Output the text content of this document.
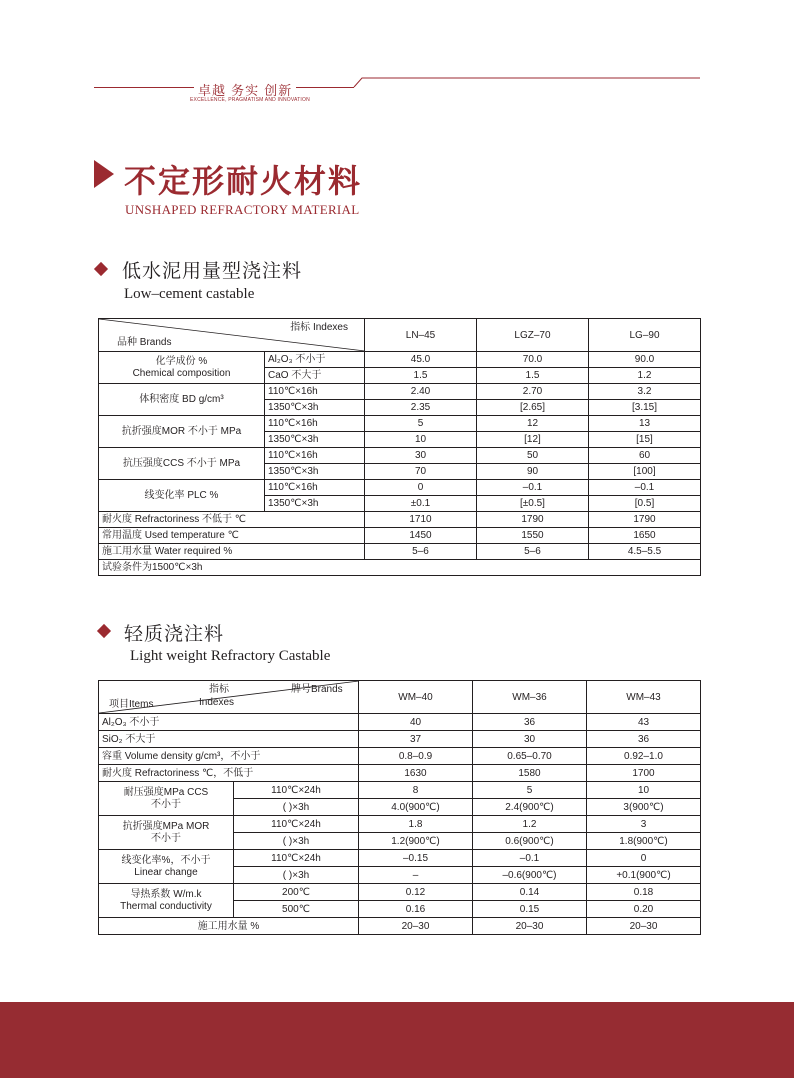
卓越 务实 创新
EXCELLENCE, PRAGMATISM AND INNOVATION
不定形耐火材料
UNSHAPED REFRACTORY MATERIAL
低水泥用量型浇注料
Low–cement castable
指标 Indexes
品种 Brands		LN–45	LGZ–70	LG–90

化学成份 %
Chemical composition	Al₂O₃ 不小于	45.0	70.0	90.0
	CaO 不大于	1.5	1.5	1.2
体积密度 BD g/cm³	110℃×16h	2.40	2.70	3.2
	1350℃×3h	2.35	[2.65]	[3.15]
抗折强度MOR 不小于 MPa	110℃×16h	5	12	13
	1350℃×3h	10	[12]	[15]
抗压强度CCS 不小于 MPa	110℃×16h	30	50	60
	1350℃×3h	70	90	[100]
线变化率 PLC %	110℃×16h	0	–0.1	–0.1
	1350℃×3h	±0.1	[±0.5]	[0.5]
耐火度 Refractoriness 不低于 ℃		1710	1790	1790
常用温度 Used temperature ℃		1450	1550	1650
施工用水量 Water required %		5–6	5–6	4.5–5.5
试验条件为1500℃×3h				
轻质浇注料
Light weight Refractory Castable
指标
Indexes
牌号Brands
项目Items		WM–40	WM–36	WM–43
Al₂O₃ 不小于		40	36	43
SiO₂ 不大于		37	30	36
容重 Volume density g/cm³，不小于		0.8–0.9	0.65–0.70	0.92–1.0
耐火度 Refractoriness ℃，不低于		1630	1580	1700

耐压强度MPa CCS
不小于	110℃×24h	8	5	10
	( )×3h	4.0(900℃)	2.4(900℃)	3(900℃)

抗折强度MPa MOR
不小于	110℃×24h	1.8	1.2	3
	( )×3h	1.2(900℃)	0.6(900℃)	1.8(900℃)

线变化率%，不小于
Linear change	110℃×24h	–0.15	–0.1	0
	( )×3h	–	–0.6(900℃)	+0.1(900℃)

导热系数 W/m.k
Thermal conductivity	200℃	0.12	0.14	0.18
	500℃	0.16	0.15	0.20
施工用水量 %		20–30	20–30	20–30
